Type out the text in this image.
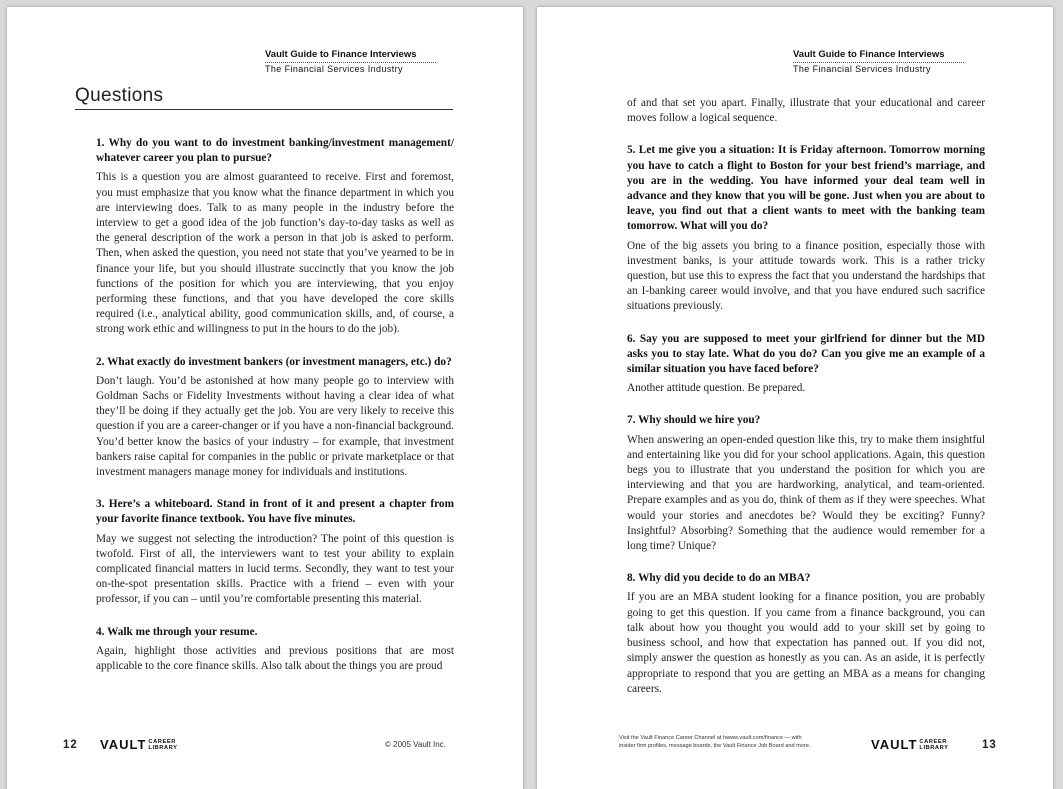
Vault Guide to Finance Interviews
The Financial Services Industry
Questions

1. Why do you want to do investment banking/investment management/ whatever career you plan to pursue?

This is a question you are almost guaranteed to receive. First and foremost, you must emphasize that you know what the finance department in which you are interviewing does. Talk to as many people in the industry before the interview to get a good idea of the job function’s day-to-day tasks as well as the general description of the work a person in that job is asked to perform. Then, when asked the question, you need not state that you’ve yearned to be in finance your life, but you should illustrate succinctly that you know the job functions of the position for which you are interviewing, that you enjoy performing these functions, and that you have developed the core skills required (i.e., analytical ability, good communication skills, and, of course, a strong work ethic and willingness to put in the hours to do the job).

2. What exactly do investment bankers (or investment managers, etc.) do?

Don’t laugh. You’d be astonished at how many people go to interview with Goldman Sachs or Fidelity Investments without having a clear idea of what they’ll be doing if they actually get the job. You are very likely to receive this question if you are a career-changer or if you have a non-financial background. You’d better know the basics of your industry – for example, that investment bankers raise capital for companies in the public or private marketplace or that investment managers manage money for individuals and institutions.

3. Here’s a whiteboard. Stand in front of it and present a chapter from your favorite finance textbook. You have five minutes.

May we suggest not selecting the introduction? The point of this question is twofold. First of all, the interviewers want to test your ability to explain complicated financial matters in lucid terms. Secondly, they want to test your on-the-spot presentation skills. Practice with a friend – even with your professor, if you can – until you’re comfortable presenting this material.

4. Walk me through your resume.

Again, highlight those activities and previous positions that are most applicable to the core finance skills. Also talk about the things you are proud

12 VAULT CAREER
LIBRARY	© 2005 Vault Inc.
Vault Guide to Finance Interviews
The Financial Services Industry

of and that set you apart. Finally, illustrate that your educational and career moves follow a logical sequence.

5. Let me give you a situation: It is Friday afternoon. Tomorrow morning you have to catch a flight to Boston for your best friend’s marriage, and you are in the wedding. You have informed your deal team well in advance and they know that you will be gone. Just when you are about to leave, you find out that a client wants to meet with the banking team tomorrow. What will you do?

One of the big assets you bring to a finance position, especially those with investment banks, is your attitude towards work. This is a rather tricky question, but use this to express the fact that you understand the hardships that an I-banking career would involve, and that you have endured such sacrifice situations previously.

6. Say you are supposed to meet your girlfriend for dinner but the MD asks you to stay late. What do you do? Can you give me an example of a similar situation you have faced before?

Another attitude question. Be prepared.

7. Why should we hire you?

When answering an open-ended question like this, try to make them insightful and entertaining like you did for your school applications. Again, this question begs you to illustrate that you understand the position for which you are interviewing and that you are hardworking, analytical, and team-oriented. Prepare examples and as you do, think of them as if they were speeches. What would your stories and anecdotes be? Would they be exciting? Funny? Insightful? Absorbing? Something that the audience would remember for a long time? Unique?

8. Why did you decide to do an MBA?

If you are an MBA student looking for a finance position, you are probably going to get this question. If you came from a finance background, you can talk about how you thought you would add to your skill set by going to business school, and how that expectation has panned out. If you did not, simply answer the question as honestly as you can. As an aside, it is perfectly appropriate to respond that you are getting an MBA as a means for changing careers.

Visit the Vault Finance Career Channel at hwww.vault.com/finance — with
insider firm profiles, message boards, the Vault Finance Job Board and more.	VAULT CAREER
LIBRARY	13
